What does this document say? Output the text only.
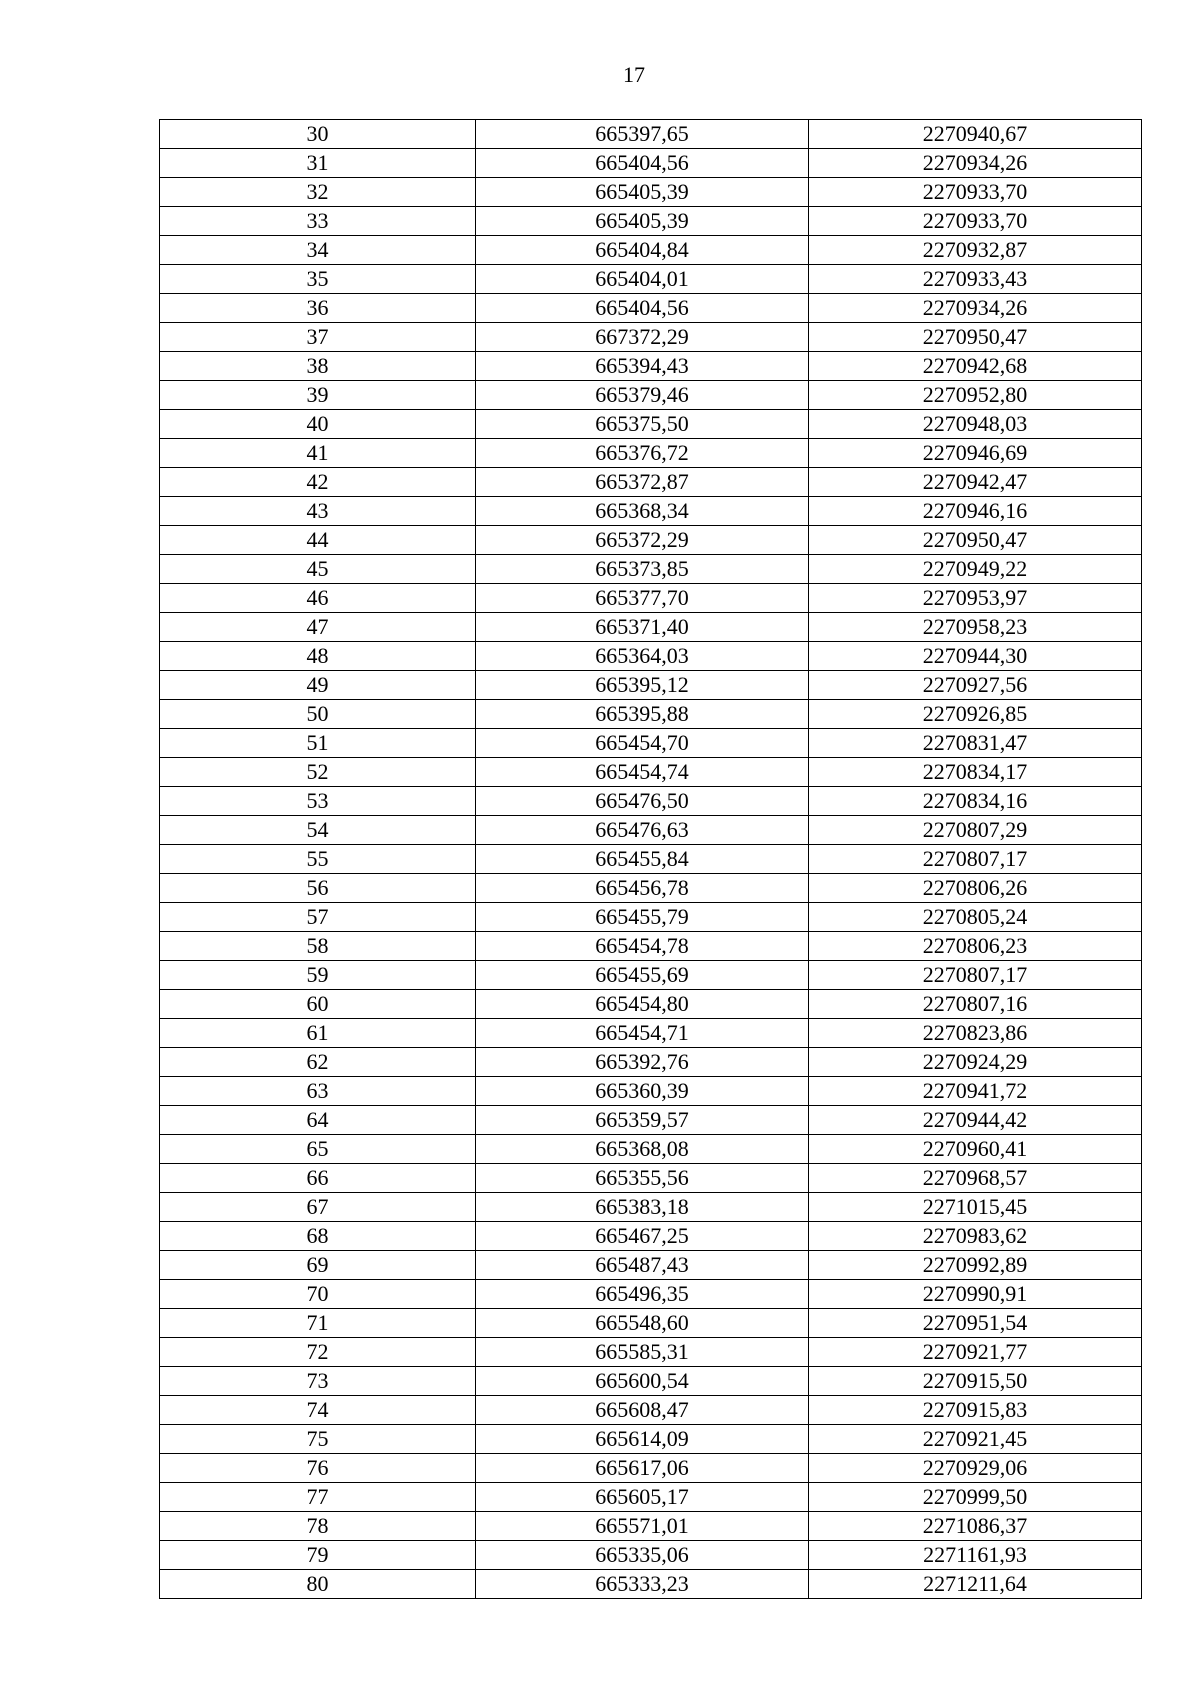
17
30	665397,65	2270940,67
31	665404,56	2270934,26
32	665405,39	2270933,70
33	665405,39	2270933,70
34	665404,84	2270932,87
35	665404,01	2270933,43
36	665404,56	2270934,26
37	667372,29	2270950,47
38	665394,43	2270942,68
39	665379,46	2270952,80
40	665375,50	2270948,03
41	665376,72	2270946,69
42	665372,87	2270942,47
43	665368,34	2270946,16
44	665372,29	2270950,47
45	665373,85	2270949,22
46	665377,70	2270953,97
47	665371,40	2270958,23
48	665364,03	2270944,30
49	665395,12	2270927,56
50	665395,88	2270926,85
51	665454,70	2270831,47
52	665454,74	2270834,17
53	665476,50	2270834,16
54	665476,63	2270807,29
55	665455,84	2270807,17
56	665456,78	2270806,26
57	665455,79	2270805,24
58	665454,78	2270806,23
59	665455,69	2270807,17
60	665454,80	2270807,16
61	665454,71	2270823,86
62	665392,76	2270924,29
63	665360,39	2270941,72
64	665359,57	2270944,42
65	665368,08	2270960,41
66	665355,56	2270968,57
67	665383,18	2271015,45
68	665467,25	2270983,62
69	665487,43	2270992,89
70	665496,35	2270990,91
71	665548,60	2270951,54
72	665585,31	2270921,77
73	665600,54	2270915,50
74	665608,47	2270915,83
75	665614,09	2270921,45
76	665617,06	2270929,06
77	665605,17	2270999,50
78	665571,01	2271086,37
79	665335,06	2271161,93
80	665333,23	2271211,64
